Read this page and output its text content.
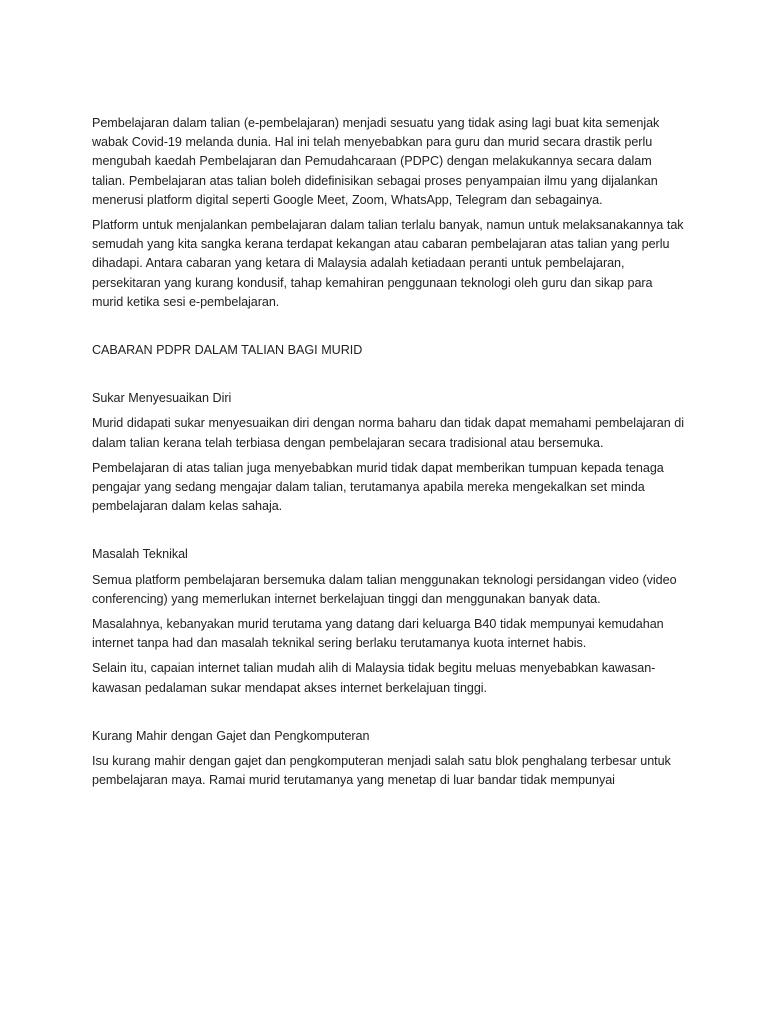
Pembelajaran dalam talian (e-pembelajaran) menjadi sesuatu yang tidak asing lagi buat kita semenjak wabak Covid-19 melanda dunia. Hal ini telah menyebabkan para guru dan murid secara drastik perlu mengubah kaedah Pembelajaran dan Pemudahcaraan (PDPC) dengan melakukannya secara dalam talian. Pembelajaran atas talian boleh didefinisikan sebagai proses penyampaian ilmu yang dijalankan menerusi platform digital seperti Google Meet, Zoom, WhatsApp, Telegram dan sebagainya.

Platform untuk menjalankan pembelajaran dalam talian terlalu banyak, namun untuk melaksanakannya tak semudah yang kita sangka kerana terdapat kekangan atau cabaran pembelajaran atas talian yang perlu dihadapi. Antara cabaran yang ketara di Malaysia adalah ketiadaan peranti untuk pembelajaran, persekitaran yang kurang kondusif, tahap kemahiran penggunaan teknologi oleh guru dan sikap para murid ketika sesi e-pembelajaran.

CABARAN PDPR DALAM TALIAN BAGI MURID

Sukar Menyesuaikan Diri

Murid didapati sukar menyesuaikan diri dengan norma baharu dan tidak dapat memahami pembelajaran di dalam talian kerana telah terbiasa dengan pembelajaran secara tradisional atau bersemuka.

Pembelajaran di atas talian juga menyebabkan murid tidak dapat memberikan tumpuan kepada tenaga pengajar yang sedang mengajar dalam talian, terutamanya apabila mereka mengekalkan set minda pembelajaran dalam kelas sahaja.

Masalah Teknikal

Semua platform pembelajaran bersemuka dalam talian menggunakan teknologi persidangan video (video conferencing) yang memerlukan internet berkelajuan tinggi dan menggunakan banyak data.

Masalahnya, kebanyakan murid terutama yang datang dari keluarga B40 tidak mempunyai kemudahan internet tanpa had dan masalah teknikal sering berlaku terutamanya kuota internet habis.

Selain itu, capaian internet talian mudah alih di Malaysia tidak begitu meluas menyebabkan kawasan-kawasan pedalaman sukar mendapat akses internet berkelajuan tinggi.

Kurang Mahir dengan Gajet dan Pengkomputeran

Isu kurang mahir dengan gajet dan pengkomputeran menjadi salah satu blok penghalang terbesar untuk pembelajaran maya. Ramai murid terutamanya yang menetap di luar bandar tidak mempunyai
